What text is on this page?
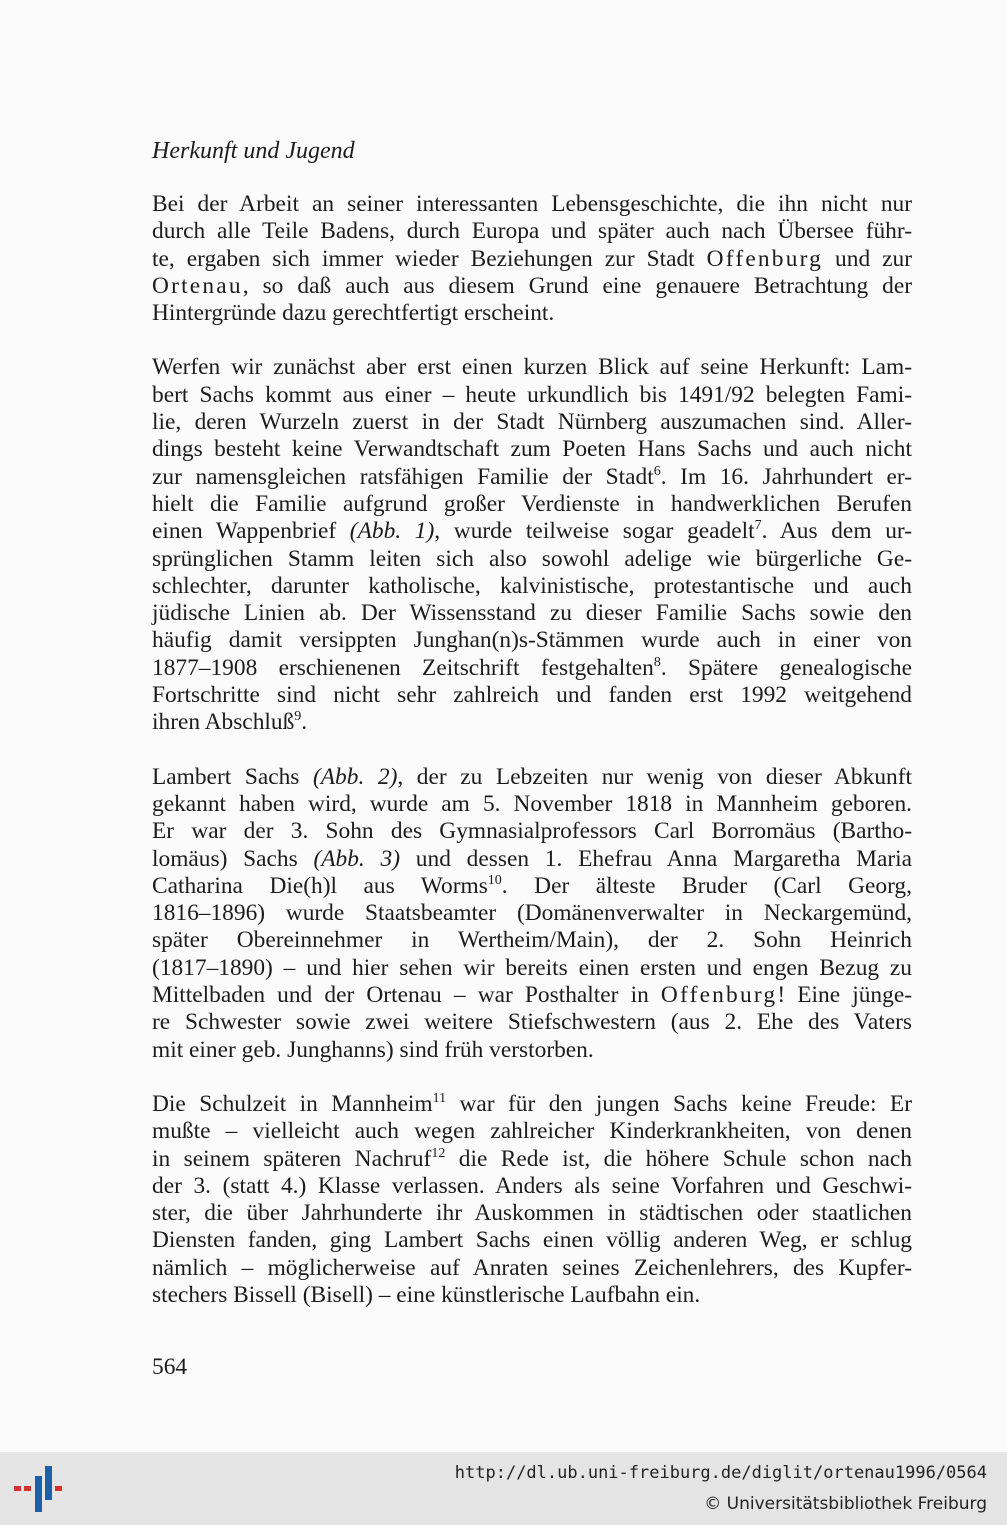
Herkunft und Jugend

Bei der Arbeit an seiner interessanten Lebensgeschichte, die ihn nicht nur
durch alle Teile Badens, durch Europa und später auch nach Übersee führ-
te, ergaben sich immer wieder Beziehungen zur Stadt Offenburg und zur
Ortenau, so daß auch aus diesem Grund eine genauere Betrachtung der
Hintergründe dazu gerechtfertigt erscheint.

Werfen wir zunächst aber erst einen kurzen Blick auf seine Herkunft: Lam-
bert Sachs kommt aus einer – heute urkundlich bis 1491/92 belegten Fami-
lie, deren Wurzeln zuerst in der Stadt Nürnberg auszumachen sind. Aller-
dings besteht keine Verwandtschaft zum Poeten Hans Sachs und auch nicht
zur namensgleichen ratsfähigen Familie der Stadt$^6$. Im 16. Jahrhundert er-
hielt die Familie aufgrund großer Verdienste in handwerklichen Berufen
einen Wappenbrief (Abb. 1), wurde teilweise sogar geadelt$^7$. Aus dem ur-
sprünglichen Stamm leiten sich also sowohl adelige wie bürgerliche Ge-
schlechter, darunter katholische, kalvinistische, protestantische und auch
jüdische Linien ab. Der Wissensstand zu dieser Familie Sachs sowie den
häufig damit versippten Junghan(n)s-Stämmen wurde auch in einer von
1877–1908 erschienenen Zeitschrift festgehalten$^8$. Spätere genealogische
Fortschritte sind nicht sehr zahlreich und fanden erst 1992 weitgehend
ihren Abschluß$^9$.

Lambert Sachs (Abb. 2), der zu Lebzeiten nur wenig von dieser Abkunft
gekannt haben wird, wurde am 5. November 1818 in Mannheim geboren.
Er war der 3. Sohn des Gymnasialprofessors Carl Borromäus (Bartho-
lomäus) Sachs (Abb. 3) und dessen 1. Ehefrau Anna Margaretha Maria
Catharina Die(h)l aus Worms$^{10}$. Der älteste Bruder (Carl Georg,
1816–1896) wurde Staatsbeamter (Domänenverwalter in Neckargemünd,
später Obereinnehmer in Wertheim/Main), der 2. Sohn Heinrich
(1817–1890) – und hier sehen wir bereits einen ersten und engen Bezug zu
Mittelbaden und der Ortenau – war Posthalter in Offenburg! Eine jünge-
re Schwester sowie zwei weitere Stiefschwestern (aus 2. Ehe des Vaters
mit einer geb. Junghanns) sind früh verstorben.

Die Schulzeit in Mannheim$^{11}$ war für den jungen Sachs keine Freude: Er
mußte – vielleicht auch wegen zahlreicher Kinderkrankheiten, von denen
in seinem späteren Nachruf$^{12}$ die Rede ist, die höhere Schule schon nach
der 3. (statt 4.) Klasse verlassen. Anders als seine Vorfahren und Geschwi-
ster, die über Jahrhunderte ihr Auskommen in städtischen oder staatlichen
Diensten fanden, ging Lambert Sachs einen völlig anderen Weg, er schlug
nämlich – möglicherweise auf Anraten seines Zeichenlehrers, des Kupfer-
stechers Bissell (Bisell) – eine künstlerische Laufbahn ein.

564
http://dl.ub.uni-freiburg.de/diglit/ortenau1996/0564
© Universitätsbibliothek Freiburg
